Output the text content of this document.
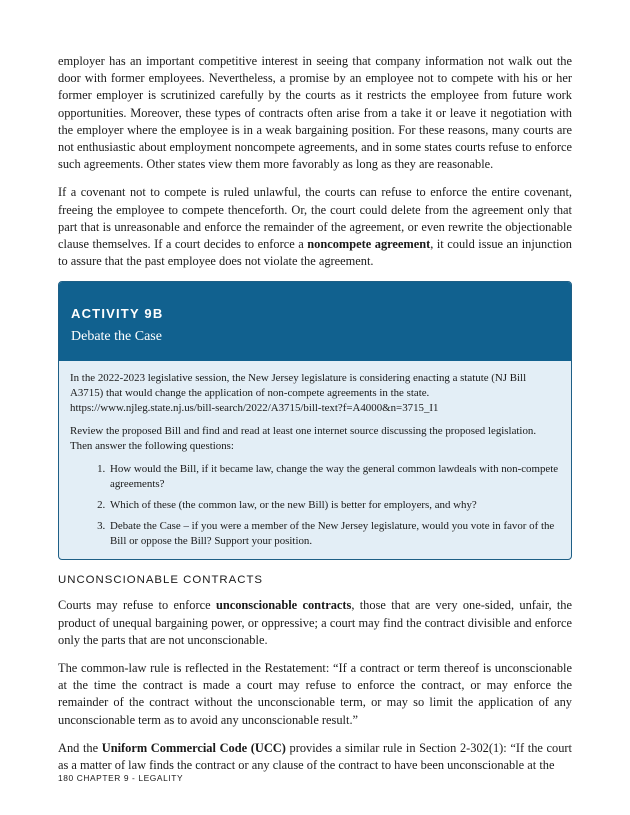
employer has an important competitive interest in seeing that company information not walk out the door with former employees. Nevertheless, a promise by an employee not to compete with his or her former employer is scrutinized carefully by the courts as it restricts the employee from future work opportunities. Moreover, these types of contracts often arise from a take it or leave it negotiation with the employer where the employee is in a weak bargaining position. For these reasons, many courts are not enthusiastic about employment noncompete agreements, and in some states courts refuse to enforce such agreements. Other states view them more favorably as long as they are reasonable.

If a covenant not to compete is ruled unlawful, the courts can refuse to enforce the entire covenant, freeing the employee to compete thenceforth. Or, the court could delete from the agreement only that part that is unreasonable and enforce the remainder of the agreement, or even rewrite the objectionable clause themselves. If a court decides to enforce a noncompete agreement, it could issue an injunction to assure that the past employee does not violate the agreement.

ACTIVITY 9B
Debate the Case

In the 2022-2023 legislative session, the New Jersey legislature is considering enacting a statute (NJ Bill A3715) that would change the application of non-compete agreements in the state. https://www.njleg.state.nj.us/bill-search/2022/A3715/bill-text?f=A4000&n=3715_I1

Review the proposed Bill and find and read at least one internet source discussing the proposed legislation. Then answer the following questions:

1. How would the Bill, if it became law, change the way the general common lawdeals with non-compete agreements?
2. Which of these (the common law, or the new Bill) is better for employers, and why?
3. Debate the Case – if you were a member of the New Jersey legislature, would you vote in favor of the Bill or oppose the Bill? Support your position.
UNCONSCIONABLE CONTRACTS

Courts may refuse to enforce unconscionable contracts, those that are very one-sided, unfair, the product of unequal bargaining power, or oppressive; a court may find the contract divisible and enforce only the parts that are not unconscionable.

The common-law rule is reflected in the Restatement: “If a contract or term thereof is unconscionable at the time the contract is made a court may refuse to enforce the contract, or may enforce the remainder of the contract without the unconscionable term, or may so limit the application of any unconscionable term as to avoid any unconscionable result.”

And the Uniform Commercial Code (UCC) provides a similar rule in Section 2-302(1): “If the court as a matter of law finds the contract or any clause of the contract to have been unconscionable at the

180 CHAPTER 9 - LEGALITY
